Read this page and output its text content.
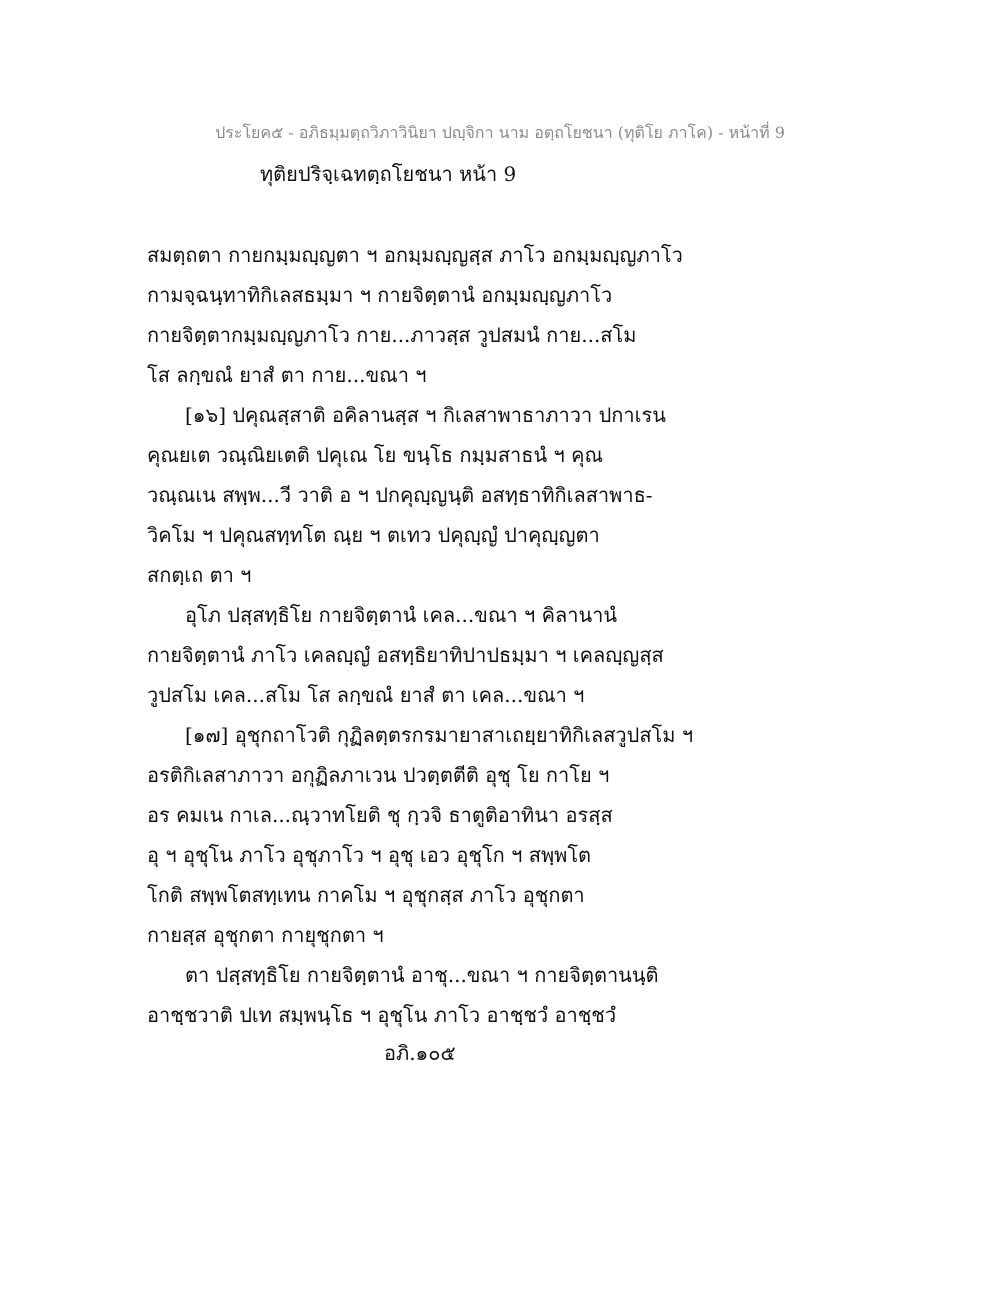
ประโยค๕ - อภิธมฺมตฺถวิภาวินิยา ปญฺจิกา นาม อตฺถโยชนา (ทุติโย ภาโค) - หน้าที่ 9
ทุติยปริจฺเฉทตฺถโยชนา หน้า 9
สมตฺถตา กายกมฺมญฺญตา ฯ อกมฺมญฺญสฺส ภาโว อกมฺมญฺญภาโว
กามจฺฉนฺทาทิกิเลสธมฺมา ฯ กายจิตฺตานํ อกมฺมญฺญภาโว
กายจิตฺตากมฺมญฺญภาโว กาย...ภาวสฺส วูปสมนํ กาย...สโม
โส ลกฺขณํ ยาสํ ตา กาย...ขณา ฯ
[๑๖] ปคุณสฺสาติ อคิลานสฺส ฯ กิเลสาพาธาภาวา ปกาเรน
คุณยเต วณฺณิยเตติ ปคุเณ โย ขนฺโธ กมฺมสาธนํ ฯ คุณ
วณฺณเน สพฺพ...วี วาติ อ ฯ ปกคุญฺญนฺติ อสทฺธาทิกิเลสาพาธ-
วิคโม ฯ ปคุณสทฺทโต ณฺย ฯ ตเทว ปคุญฺญํ ปาคุญฺญตา
สกตฺเถ ตา ฯ
อุโภ ปสฺสทฺธิโย กายจิตฺตานํ เคล...ขณา ฯ คิลานานํ
กายจิตฺตานํ ภาโว เคลญฺญํ อสทฺธิยาทิปาปธมฺมา ฯ เคลญฺญสฺส
วูปสโม เคล...สโม โส ลกฺขณํ ยาสํ ตา เคล...ขณา ฯ
[๑๗] อุชุกถาโวติ กุฏิลตฺตรกรมายาสาเถยฺยาทิกิเลสวูปสโม ฯ
อรติกิเลสาภาวา อกุฏิลภาเวน ปวตฺตตีติ อุชุ โย กาโย ฯ
อร คมเน กาเล...ณฺวาทโยติ ชุ กฺวจิ ธาตูติอาทินา อรสฺส
อุ ฯ อุชุโน ภาโว อุชุภาโว ฯ อุชุ เอว อุชุโก ฯ สพฺพโต
โกติ สพฺพโตสทฺเทน กาคโม ฯ อุชุกสฺส ภาโว อุชุกตา
กายสฺส อุชุกตา กายุชุกตา ฯ
ตา ปสฺสทฺธิโย กายจิตฺตานํ อาชุ...ขณา ฯ กายจิตฺตานนฺติ
อาชฺชวาติ ปเท สมฺพนฺโธ ฯ อุชุโน ภาโว อาชฺชวํ อาชฺชวํ
อภิ.๑๐๕
